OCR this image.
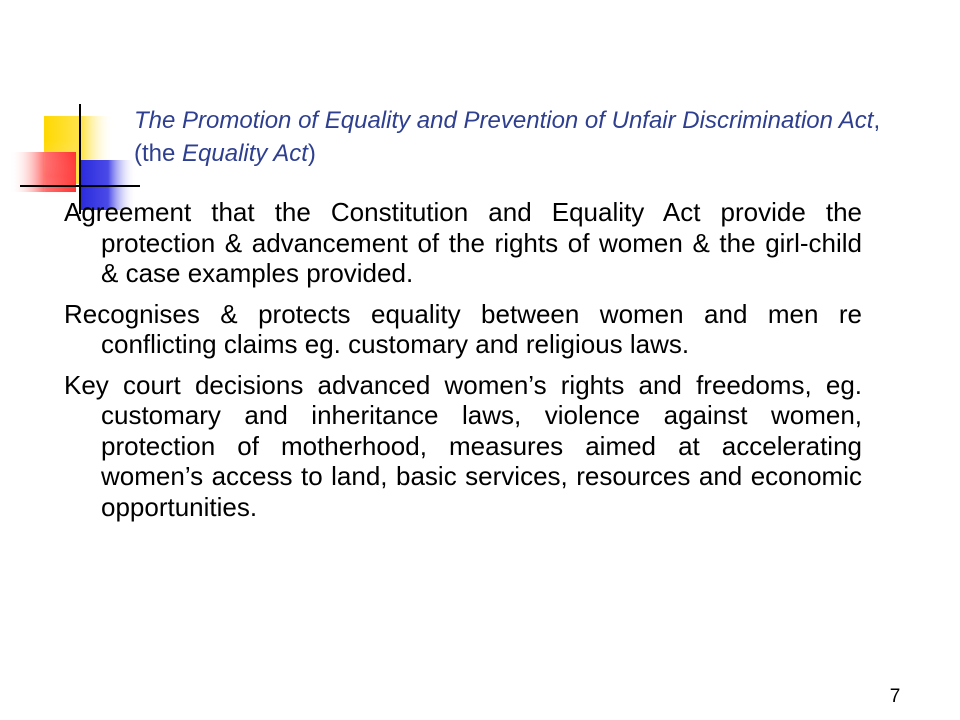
The Promotion of Equality and Prevention of Unfair Discrimination Act, (the Equality Act)

Agreement that the Constitution and Equality Act provide the protection & advancement of the rights of women & the girl-child & case examples provided.

Recognises & protects equality between women and men re conflicting claims eg. customary and religious laws.

Key court decisions advanced women’s rights and freedoms, eg. customary and inheritance laws, violence against women, protection of motherhood, measures aimed at accelerating women’s access to land, basic services, resources and economic opportunities.

7
